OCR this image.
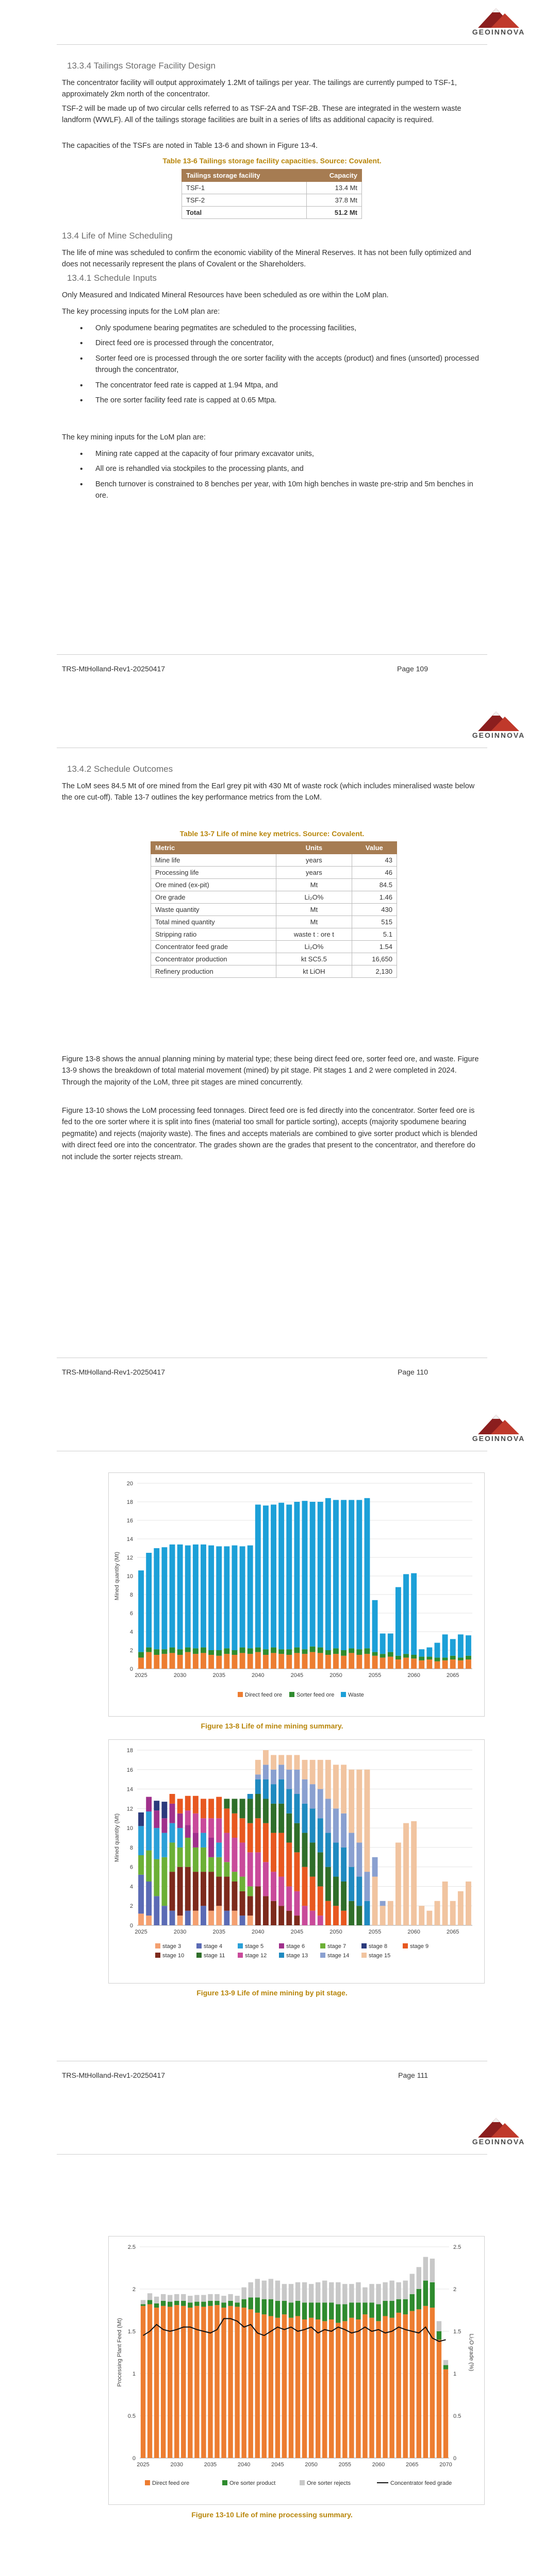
GEOINNOVA
13.3.4 Tailings Storage Facility Design

The concentrator facility will output approximately 1.2Mt of tailings per year. The tailings are currently pumped to TSF-1, approximately 2km north of the concentrator.

TSF-2 will be made up of two circular cells referred to as TSF-2A and TSF-2B. These are integrated in the western waste landform (WWLF). All of the tailings storage facilities are built in a series of lifts as additional capacity is required.

The capacities of the TSFs are noted in Table 13-6 and shown in Figure 13-4.

Table 13-6 Tailings storage facility capacities. Source: Covalent.
Tailings storage facility	Capacity
TSF-1	13.4 Mt
TSF-2	37.8 Mt
Total	51.2 Mt
13.4 Life of Mine Scheduling

The life of mine was scheduled to confirm the economic viability of the Mineral Reserves. It has not been fully optimized and does not necessarily represent the plans of Covalent or the Shareholders.

13.4.1 Schedule Inputs

Only Measured and Indicated Mineral Resources have been scheduled as ore within the LoM plan.

The key processing inputs for the LoM plan are:

• Only spodumene bearing pegmatites are scheduled to the processing facilities,
• Direct feed ore is processed through the concentrator,
• Sorter feed ore is processed through the ore sorter facility with the accepts (product) and fines (unsorted) processed through the concentrator,
• The concentrator feed rate is capped at 1.94 Mtpa, and
• The ore sorter facility feed rate is capped at 0.65 Mtpa.

The key mining inputs for the LoM plan are:

• Mining rate capped at the capacity of four primary excavator units,
• All ore is rehandled via stockpiles to the processing plants, and
• Bench turnover is constrained to 8 benches per year, with 10m high benches in waste pre-strip and 5m benches in ore.
TRS-MtHolland-Rev1-20250417	Page 109
GEOINNOVA
13.4.2 Schedule Outcomes

The LoM sees 84.5 Mt of ore mined from the Earl grey pit with 430 Mt of waste rock (which includes mineralised waste below the ore cut-off). Table 13-7 outlines the key performance metrics from the LoM.

Table 13-7 Life of mine key metrics. Source: Covalent.
Metric	Units	Value
Mine life	years	43
Processing life	years	46
Ore mined (ex-pit)	Mt	84.5
Ore grade	Li₂O%	1.46
Waste quantity	Mt	430
Total mined quantity	Mt	515
Stripping ratio	waste t : ore t	5.1
Concentrator feed grade	Li₂O%	1.54
Concentrator production	kt SC5.5	16,650
Refinery production	kt LiOH	2,130

Figure 13-8 shows the annual planning mining by material type; these being direct feed ore, sorter feed ore, and waste. Figure 13-9 shows the breakdown of total material movement (mined) by pit stage. Pit stages 1 and 2 were completed in 2024. Through the majority of the LoM, three pit stages are mined concurrently.

Figure 13-10 shows the LoM processing feed tonnages. Direct feed ore is fed directly into the concentrator. Sorter feed ore is fed to the ore sorter where it is split into fines (material too small for particle sorting), accepts (majority spodumene bearing pegmatite) and rejects (majority waste). The fines and accepts materials are combined to give sorter product which is blended with direct feed ore into the concentrator. The grades shown are the grades that present to the concentrator, and therefore do not include the sorter rejects stream.

TRS-MtHolland-Rev1-20250417	Page 110
GEOINNOVA
0
2
4
6
8
10
12
14
16
18
20
Mined quantity (Mt)
2025	2030	2035	2040	2045	2050	2055	2060	2065
Direct feed ore	Sorter feed ore Waste
Figure 13-8 Life of mine mining summary.
0
2
4
6
8
10
12
14
16
18
Mined quantity (Mt)
2025	2030	2035	2040	2045	2050	2055	2060	2065
stage 3	stage 4	stage 5	stage 6	stage 7	stage 8	stage 9
stage 10	stage 11	stage 12	stage 13	stage 14	stage 15
Figure 13-9 Life of mine mining by pit stage.
TRS-MtHolland-Rev1-20250417	Page 111
GEOINNOVA
0	0
0.5	0.5
1	1
1.5	1.5
2	2
2.5	2.5
Processing Plant Feed (Mt)	Li₂O grade (%)
2025	2030	2035	2040	2045	2050	2055	2060	2065	2070
Direct feed ore	Ore sorter product	Ore sorter rejects	Concentrator feed grade
Figure 13-10 Life of mine processing summary.
